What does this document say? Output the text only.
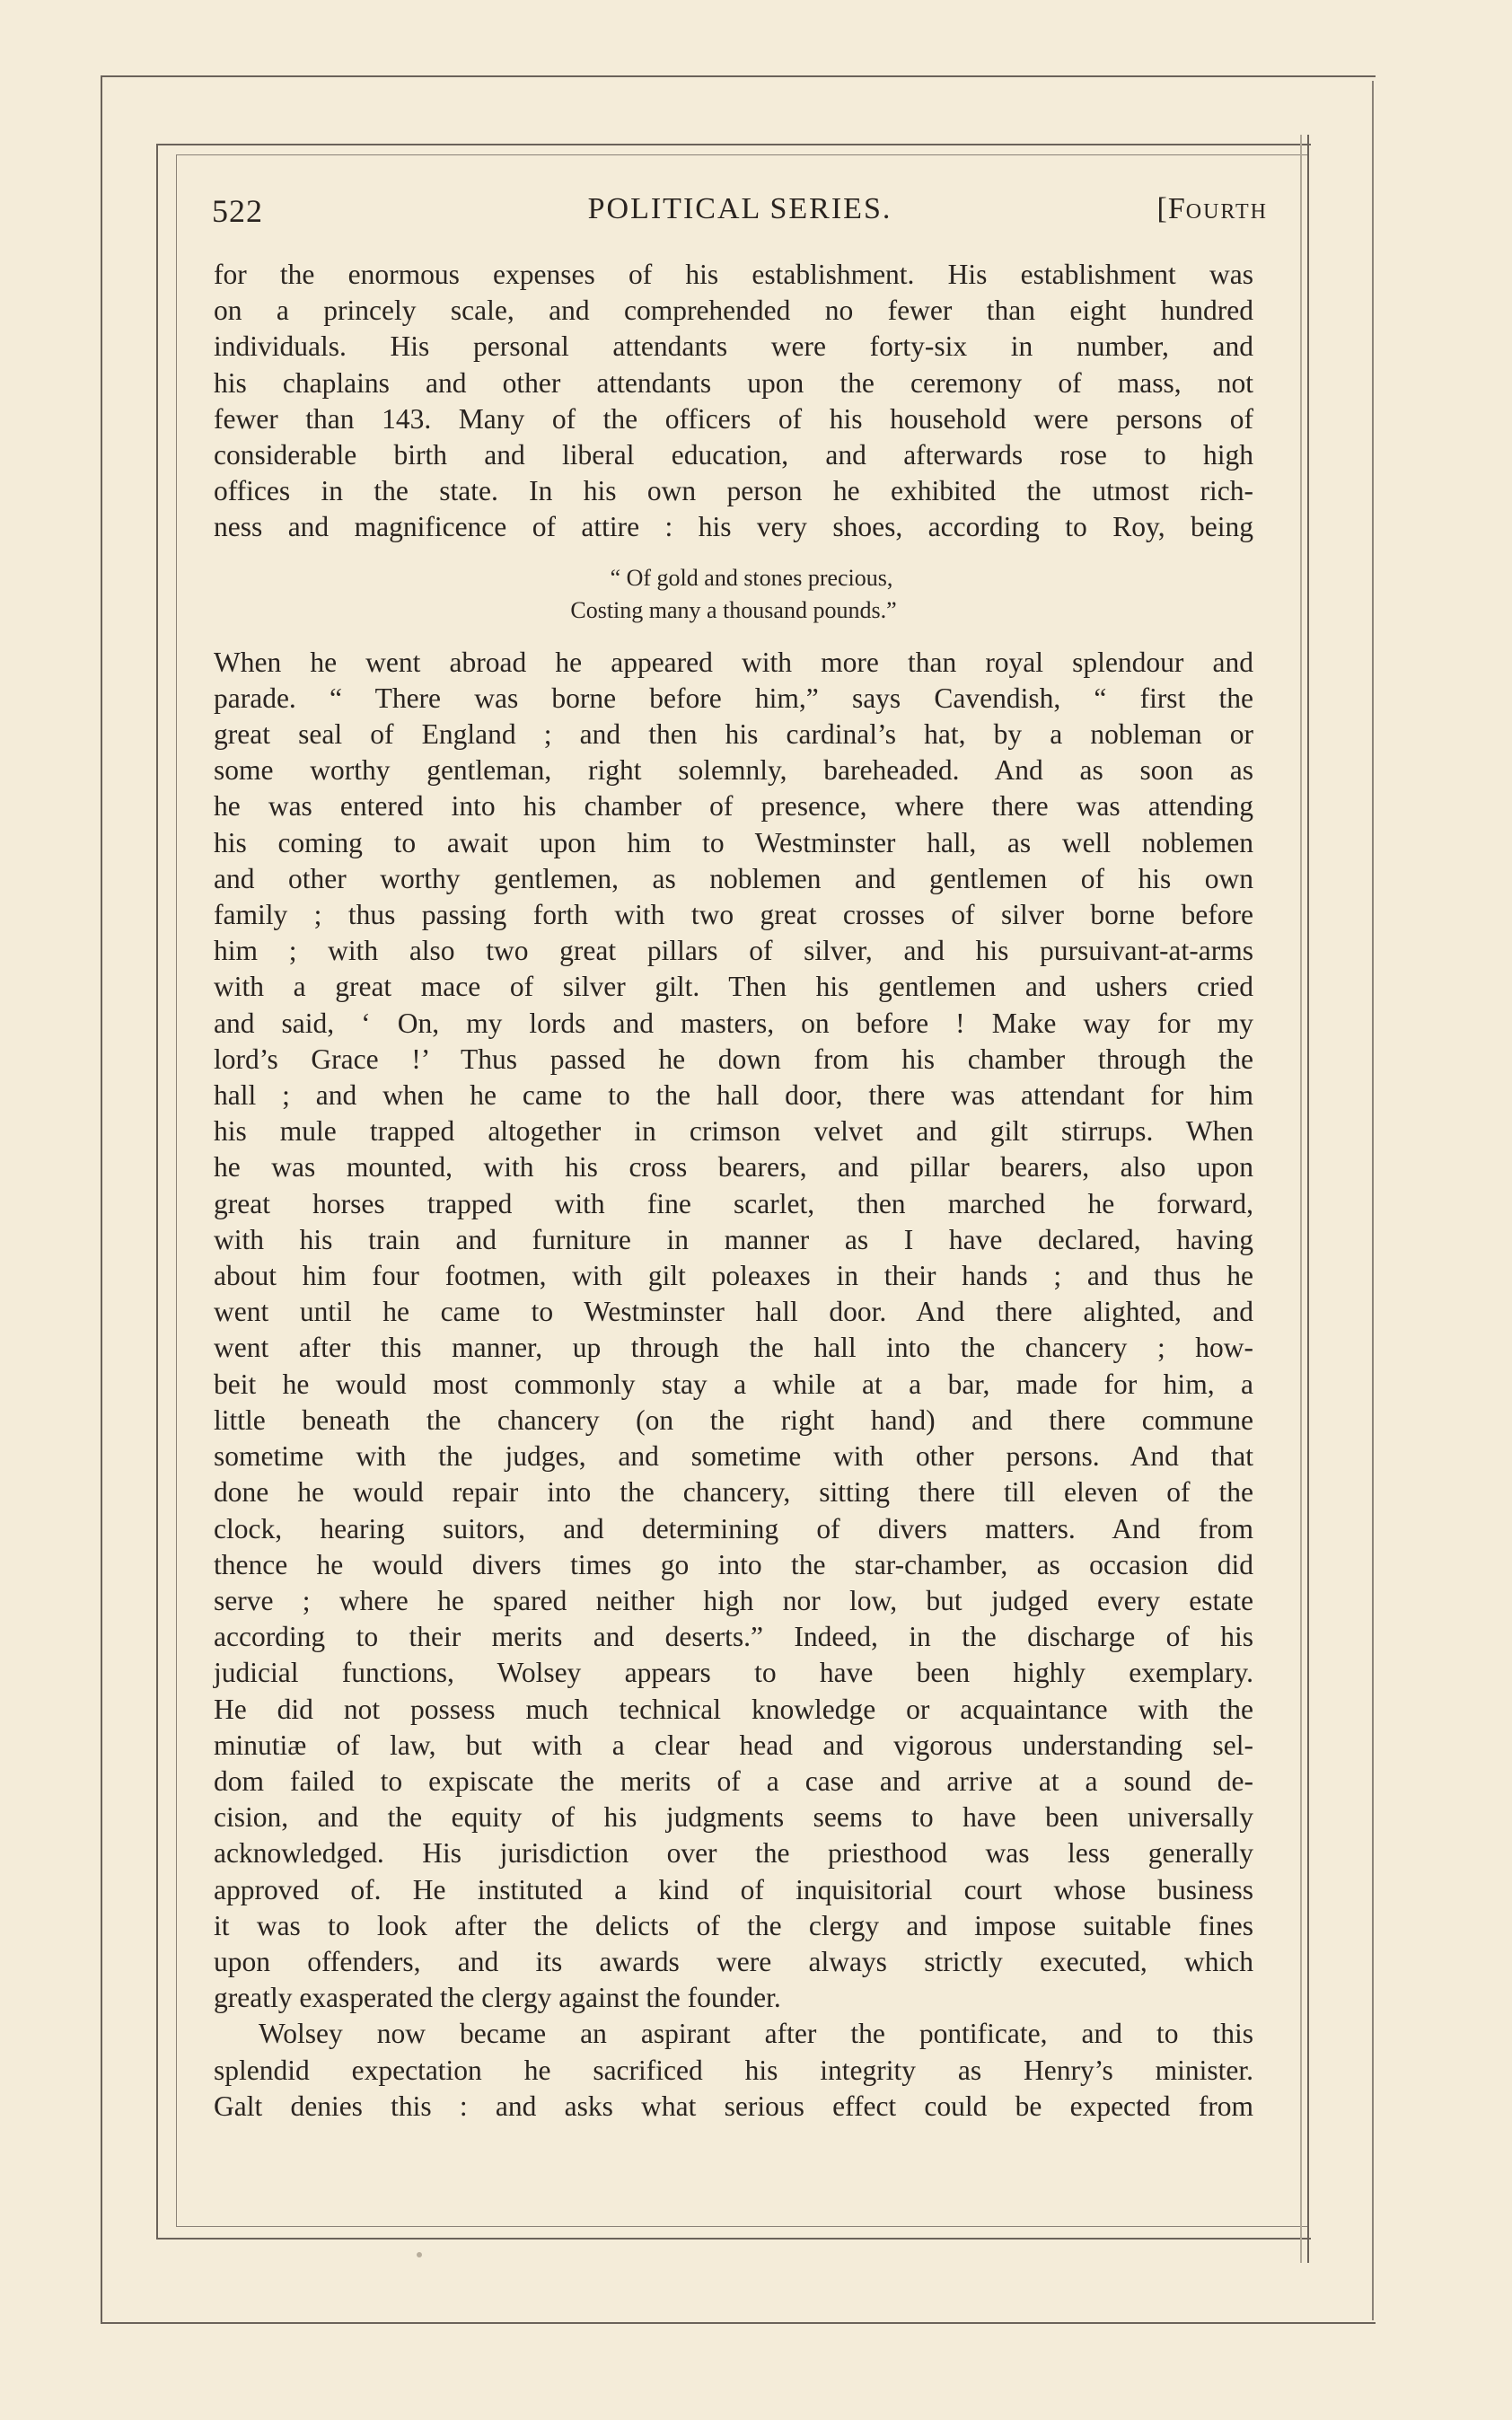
522	POLITICAL SERIES.	[FOURTH

for the enormous expenses of his establishment. His establishment was

on a princely scale, and comprehended no fewer than eight hundred

individuals. His personal attendants were forty-six in number, and

his chaplains and other attendants upon the ceremony of mass, not

fewer than 143. Many of the officers of his household were persons of

considerable birth and liberal education, and afterwards rose to high

offices in the state. In his own person he exhibited the utmost rich-

ness and magnificence of attire : his very shoes, according to Roy, being

“ Of gold and stones precious,
Costing many a thousand pounds.”

When he went abroad he appeared with more than royal splendour and

parade. “ There was borne before him,” says Cavendish, “ first the

great seal of England ; and then his cardinal’s hat, by a nobleman or

some worthy gentleman, right solemnly, bareheaded. And as soon as

he was entered into his chamber of presence, where there was attending

his coming to await upon him to Westminster hall, as well noblemen

and other worthy gentlemen, as noblemen and gentlemen of his own

family ; thus passing forth with two great crosses of silver borne before

him ; with also two great pillars of silver, and his pursuivant-at-arms

with a great mace of silver gilt. Then his gentlemen and ushers cried

and said, ‘ On, my lords and masters, on before ! Make way for my

lord’s Grace !’ Thus passed he down from his chamber through the

hall ; and when he came to the hall door, there was attendant for him

his mule trapped altogether in crimson velvet and gilt stirrups. When

he was mounted, with his cross bearers, and pillar bearers, also upon

great horses trapped with fine scarlet, then marched he forward,

with his train and furniture in manner as I have declared, having

about him four footmen, with gilt poleaxes in their hands ; and thus he

went until he came to Westminster hall door. And there alighted, and

went after this manner, up through the hall into the chancery ; how-

beit he would most commonly stay a while at a bar, made for him, a

little beneath the chancery (on the right hand) and there commune

sometime with the judges, and sometime with other persons. And that

done he would repair into the chancery, sitting there till eleven of the

clock, hearing suitors, and determining of divers matters. And from

thence he would divers times go into the star-chamber, as occasion did

serve ; where he spared neither high nor low, but judged every estate

according to their merits and deserts.” Indeed, in the discharge of his

judicial functions, Wolsey appears to have been highly exemplary.

He did not possess much technical knowledge or acquaintance with the

minutiæ of law, but with a clear head and vigorous understanding sel-

dom failed to expiscate the merits of a case and arrive at a sound de-

cision, and the equity of his judgments seems to have been universally

acknowledged. His jurisdiction over the priesthood was less generally

approved of. He instituted a kind of inquisitorial court whose business

it was to look after the delicts of the clergy and impose suitable fines

upon offenders, and its awards were always strictly executed, which

greatly exasperated the clergy against the founder.

Wolsey now became an aspirant after the pontificate, and to this

splendid expectation he sacrificed his integrity as Henry’s minister.

Galt denies this : and asks what serious effect could be expected from
